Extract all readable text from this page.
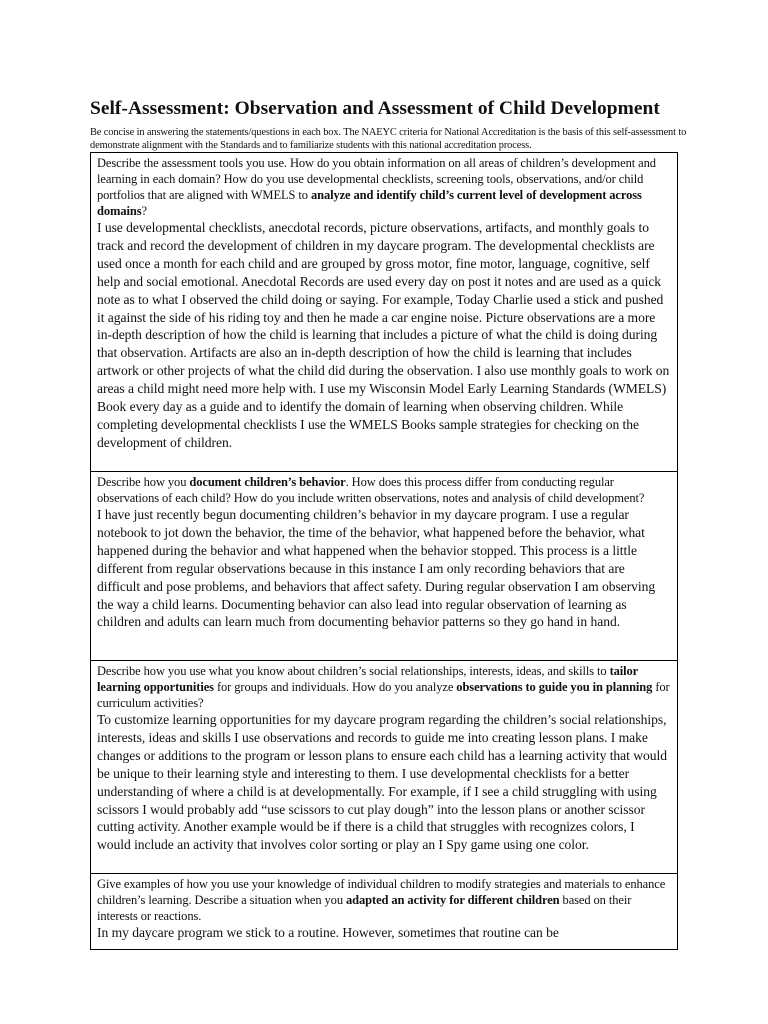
Self-Assessment: Observation and Assessment of Child Development

Be concise in answering the statements/questions in each box. The NAEYC criteria for National Accreditation is the basis of this self-assessment to demonstrate alignment with the Standards and to familiarize students with this national accreditation process.

Describe the assessment tools you use. How do you obtain information on all areas of children’s development and learning in each domain? How do you use developmental checklists, screening tools, observations, and/or child portfolios that are aligned with WMELS to analyze and identify child’s current level of development across domains?

I use developmental checklists, anecdotal records, picture observations, artifacts, and monthly goals to track and record the development of children in my daycare program. The developmental checklists are used once a month for each child and are grouped by gross motor, fine motor, language, cognitive, self help and social emotional. Anecdotal Records are used every day on post it notes and are used as a quick note as to what I observed the child doing or saying. For example, Today Charlie used a stick and pushed it against the side of his riding toy and then he made a car engine noise. Picture observations are a more in-depth description of how the child is learning that includes a picture of what the child is doing during that observation. Artifacts are also an in-depth description of how the child is learning that includes artwork or other projects of what the child did during the observation. I also use monthly goals to work on areas a child might need more help with. I use my Wisconsin Model Early Learning Standards (WMELS) Book every day as a guide and to identify the domain of learning when observing children. While completing developmental checklists I use the WMELS Books sample strategies for checking on the development of children.

Describe how you document children’s behavior. How does this process differ from conducting regular observations of each child? How do you include written observations, notes and analysis of child development?

I have just recently begun documenting children’s behavior in my daycare program. I use a regular notebook to jot down the behavior, the time of the behavior, what happened before the behavior, what happened during the behavior and what happened when the behavior stopped. This process is a little different from regular observations because in this instance I am only recording behaviors that are difficult and pose problems, and behaviors that affect safety. During regular observation I am observing the way a child learns. Documenting behavior can also lead into regular observation of learning as children and adults can learn much from documenting behavior patterns so they go hand in hand.

Describe how you use what you know about children’s social relationships, interests, ideas, and skills to tailor learning opportunities for groups and individuals. How do you analyze observations to guide you in planning for curriculum activities?

To customize learning opportunities for my daycare program regarding the children’s social relationships, interests, ideas and skills I use observations and records to guide me into creating lesson plans. I make changes or additions to the program or lesson plans to ensure each child has a learning activity that would be unique to their learning style and interesting to them. I use developmental checklists for a better understanding of where a child is at developmentally. For example, if I see a child struggling with using scissors I would probably add “use scissors to cut play dough” into the lesson plans or another scissor cutting activity. Another example would be if there is a child that struggles with recognizes colors, I would include an activity that involves color sorting or play an I Spy game using one color.

Give examples of how you use your knowledge of individual children to modify strategies and materials to enhance children’s learning. Describe a situation when you adapted an activity for different children based on their interests or reactions.

In my daycare program we stick to a routine. However, sometimes that routine can be
